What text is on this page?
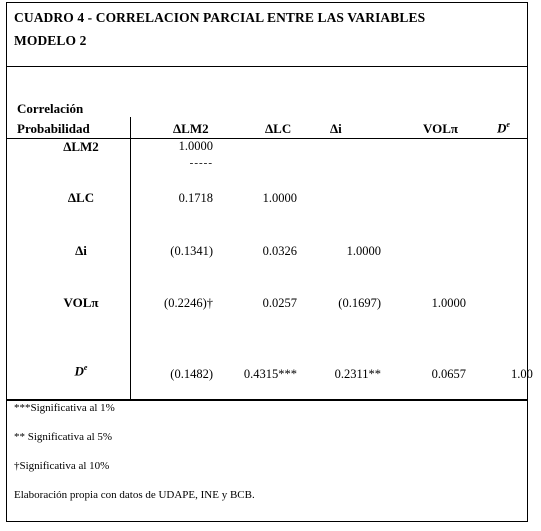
CUADRO 4 - CORRELACION PARCIAL ENTRE LAS VARIABLES
MODELO 2
Correlación
Probabilidad	ΔLM2	ΔLC	Δi	VOLπ	De
ΔLM2	1.0000
-----
ΔLC	0.1718	1.0000
Δi	(0.1341)	0.0326	1.0000
VOLπ	(0.2246)†	0.0257	(0.1697)	1.0000
De	(0.1482)	0.4315***	0.2311**	0.0657	1.00
***Significativa al 1%
** Significativa al 5%
†Significativa al 10%
Elaboración propia con datos de UDAPE, INE y BCB.
